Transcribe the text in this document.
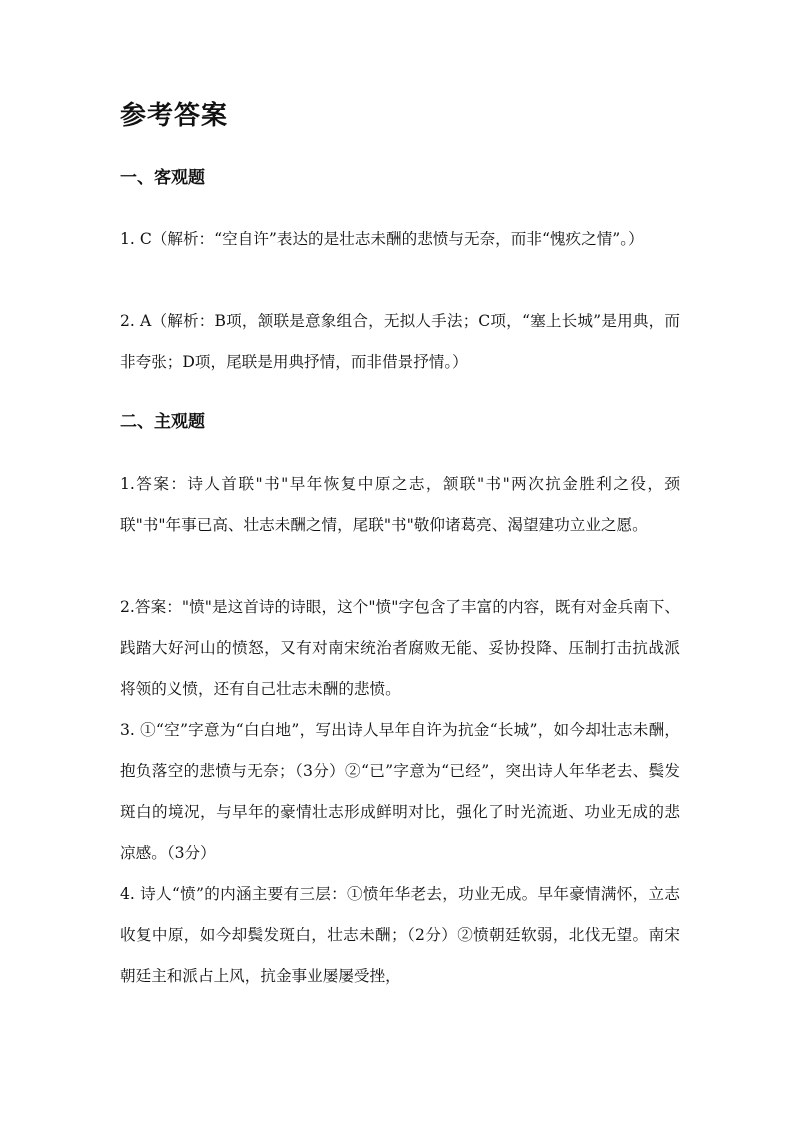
参考答案
一、客观题

1. C（解析：“空自许”表达的是壮志未酬的悲愤与无奈，而非“愧疚之情”。）

2. A（解析：B项，颔联是意象组合，无拟人手法；C项，“塞上长城”是用典，而非夸张；D项，尾联是用典抒情，而非借景抒情。）

二、主观题

1.答案：诗人首联"书"早年恢复中原之志，颔联"书"两次抗金胜利之役，颈联"书"年事已高、壮志未酬之情，尾联"书"敬仰诸葛亮、渴望建功立业之愿。

2.答案："愤"是这首诗的诗眼，这个"愤"字包含了丰富的内容，既有对金兵南下、践踏大好河山的愤怒，又有对南宋统治者腐败无能、妥协投降、压制打击抗战派将领的义愤，还有自己壮志未酬的悲愤。

3. ①“空”字意为“白白地”，写出诗人早年自许为抗金“长城”，如今却壮志未酬，抱负落空的悲愤与无奈；（3分）②“已”字意为“已经”，突出诗人年华老去、鬓发斑白的境况，与早年的豪情壮志形成鲜明对比，强化了时光流逝、功业无成的悲凉感。（3分）

4. 诗人“愤”的内涵主要有三层：①愤年华老去，功业无成。早年豪情满怀，立志收复中原，如今却鬓发斑白，壮志未酬；（2分）②愤朝廷软弱，北伐无望。南宋朝廷主和派占上风，抗金事业屡屡受挫，
